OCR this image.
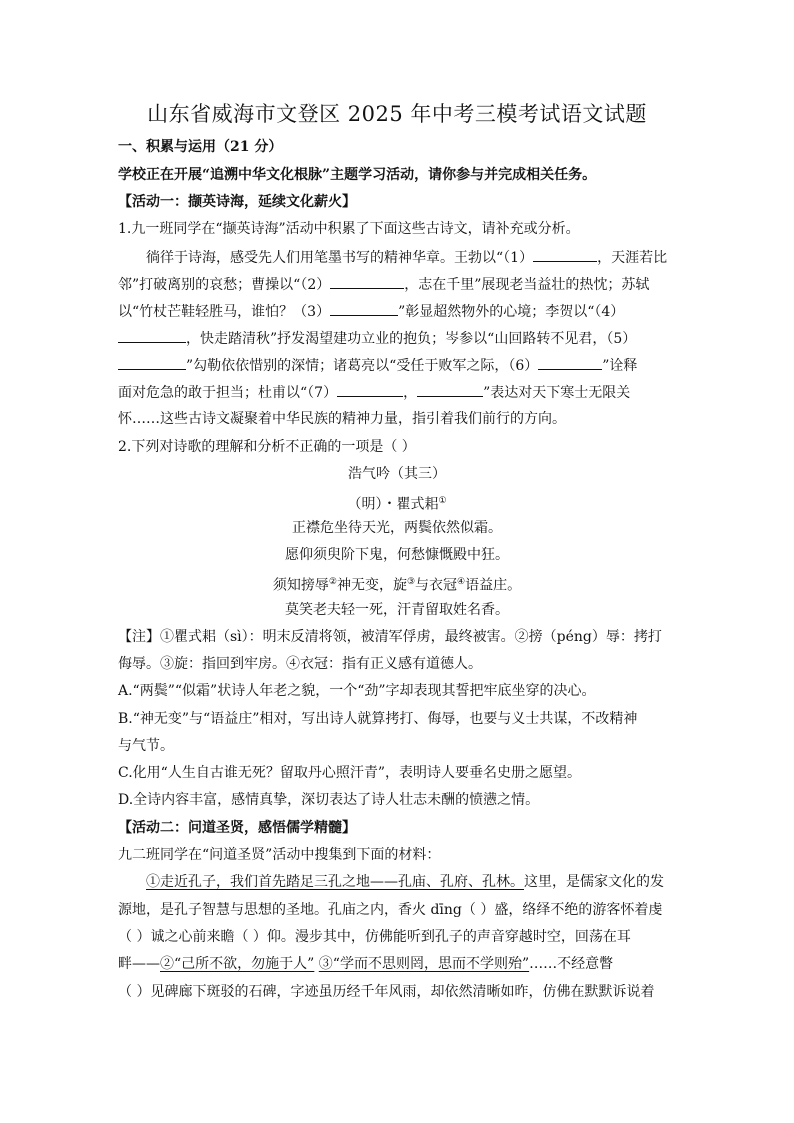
山东省威海市文登区 2025 年中考三模考试语文试题
一、积累与运用（21 分）
学校正在开展“追溯中华文化根脉”主题学习活动，请你参与并完成相关任务。
【活动一：撷英诗海，延续文化薪火】
1.九一班同学在“撷英诗海”活动中积累了下面这些古诗文，请补充或分析。
徜徉于诗海，感受先人们用笔墨书写的精神华章。王勃以“（1）	，天涯若比
邻”打破离别的哀愁；曹操以“（2）	，志在千里”展现老当益壮的热忱；苏轼
以“竹杖芒鞋轻胜马，谁怕？（3）	”彰显超然物外的心境；李贺以“（4）
，快走踏清秋”抒发渴望建功立业的抱负；岑参以“山回路转不见君，（5）
”勾勒依依惜别的深情；诸葛亮以“受任于败军之际，（6）	”诠释
面对危急的敢于担当；杜甫以“（7）	，	”表达对天下寒士无限关
怀……这些古诗文凝聚着中华民族的精神力量，指引着我们前行的方向。
2.下列对诗歌的理解和分析不正确的一项是（ ）
浩气吟（其三）
（明）・瞿式耜①
正襟危坐待天光，两鬓依然似霜。
愿仰须臾阶下鬼，何愁慷慨殿中狂。
须知搒辱②神无变，旋③与衣冠④语益庄。
莫笑老夫轻一死，汗青留取姓名香。
【注】①瞿式耜（sì）：明末反清将领，被清军俘虏，最终被害。②搒（péng）辱：拷打
侮辱。③旋：指回到牢房。④衣冠：指有正义感有道德人。
A.“两鬓”“似霜”状诗人年老之貌，一个“劲”字却表现其誓把牢底坐穿的决心。
B.“神无变”与“语益庄”相对，写出诗人就算拷打、侮辱，也要与义士共谋，不改精神
与气节。
C.化用“人生自古谁无死？留取丹心照汗青”，表明诗人要垂名史册之愿望。
D.全诗内容丰富，感情真挚，深切表达了诗人壮志未酬的愤懑之情。
【活动二：问道圣贤，感悟儒学精髓】
九二班同学在“问道圣贤”活动中搜集到下面的材料：
①走近孔子，我们首先踏足三孔之地——孔庙、孔府、孔林。这里，是儒家文化的发
源地，是孔子智慧与思想的圣地。孔庙之内，香火 dīng（ ）盛，络绎不绝的游客怀着虔
（ ）诚之心前来瞻（ ）仰。漫步其中，仿佛能听到孔子的声音穿越时空，回荡在耳
畔——②“己所不欲，勿施于人” ③“学而不思则罔，思而不学则殆”……不经意瞥
（ ）见碑廊下斑驳的石碑，字迹虽历经千年风雨，却依然清晰如昨，仿佛在默默诉说着
